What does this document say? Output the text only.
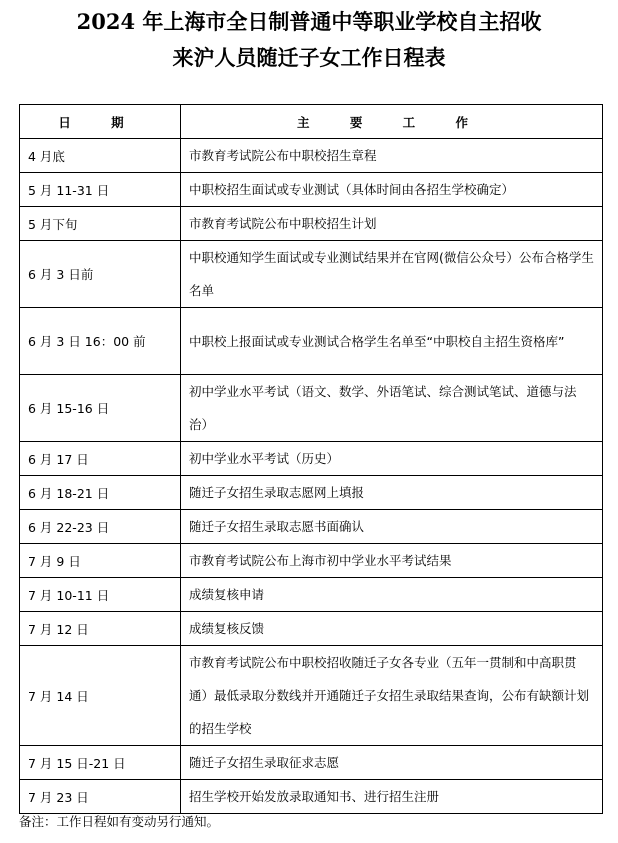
2024 年上海市全日制普通中等职业学校自主招收
来沪人员随迁子女工作日程表
日 期	主 要 工 作
4 月底	市教育考试院公布中职校招生章程
5 月 11-31 日	中职校招生面试或专业测试（具体时间由各招生学校确定）
5 月下旬	市教育考试院公布中职校招生计划
6 月 3 日前	中职校通知学生面试或专业测试结果并在官网(微信公众号）公布合格学生名单
6 月 3 日 16：00 前	中职校上报面试或专业测试合格学生名单至“中职校自主招生资格库”
6 月 15-16 日	初中学业水平考试（语文、数学、外语笔试、综合测试笔试、道德与法治）
6 月 17 日	初中学业水平考试（历史）
6 月 18-21 日	随迁子女招生录取志愿网上填报
6 月 22-23 日	随迁子女招生录取志愿书面确认
7 月 9 日	市教育考试院公布上海市初中学业水平考试结果
7 月 10-11 日	成绩复核申请
7 月 12 日	成绩复核反馈
7 月 14 日	市教育考试院公布中职校招收随迁子女各专业（五年一贯制和中高职贯通）最低录取分数线并开通随迁子女招生录取结果查询，公布有缺额计划的招生学校
7 月 15 日-21 日	随迁子女招生录取征求志愿
7 月 23 日	招生学校开始发放录取通知书、进行招生注册
备注：工作日程如有变动另行通知。
